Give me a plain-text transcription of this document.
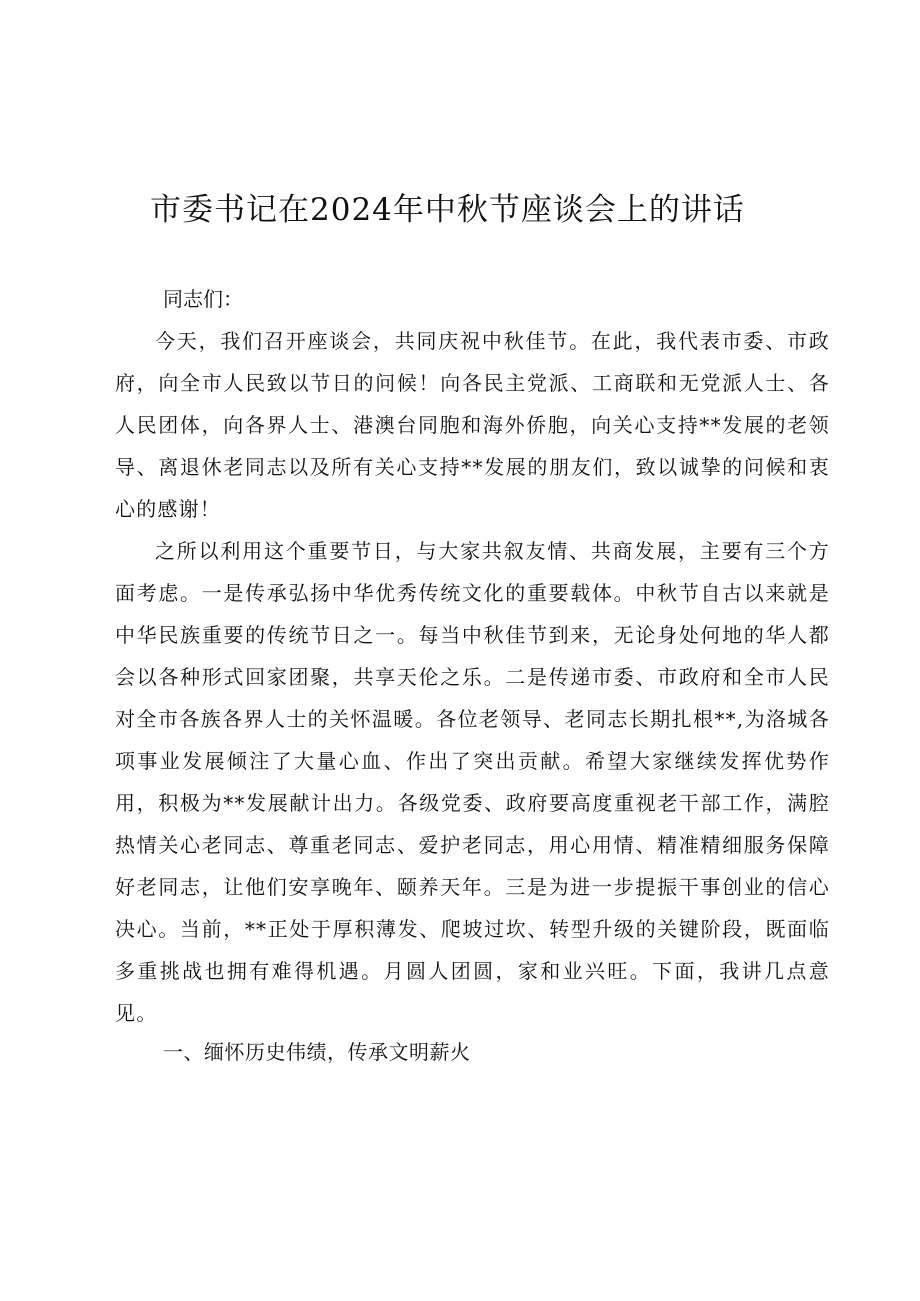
市委书记在2024年中秋节座谈会上的讲话
同志们：

今天，我们召开座谈会，共同庆祝中秋佳节。在此，我代表市委、市政府，向全市人民致以节日的问候！向各民主党派、工商联和无党派人士、各人民团体，向各界人士、港澳台同胞和海外侨胞，向关心支持**发展的老领导、离退休老同志以及所有关心支持**发展的朋友们，致以诚挚的问候和衷心的感谢！

之所以利用这个重要节日，与大家共叙友情、共商发展，主要有三个方面考虑。一是传承弘扬中华优秀传统文化的重要载体。中秋节自古以来就是中华民族重要的传统节日之一。每当中秋佳节到来，无论身处何地的华人都会以各种形式回家团聚，共享天伦之乐。二是传递市委、市政府和全市人民对全市各族各界人士的关怀温暖。各位老领导、老同志长期扎根**,为洛城各项事业发展倾注了大量心血、作出了突出贡献。希望大家继续发挥优势作用，积极为**发展献计出力。各级党委、政府要高度重视老干部工作，满腔热情关心老同志、尊重老同志、爱护老同志，用心用情、精准精细服务保障好老同志，让他们安享晚年、颐养天年。三是为进一步提振干事创业的信心决心。当前，**正处于厚积薄发、爬坡过坎、转型升级的关键阶段，既面临多重挑战也拥有难得机遇。月圆人团圆，家和业兴旺。下面，我讲几点意见。

一、缅怀历史伟绩，传承文明薪火
